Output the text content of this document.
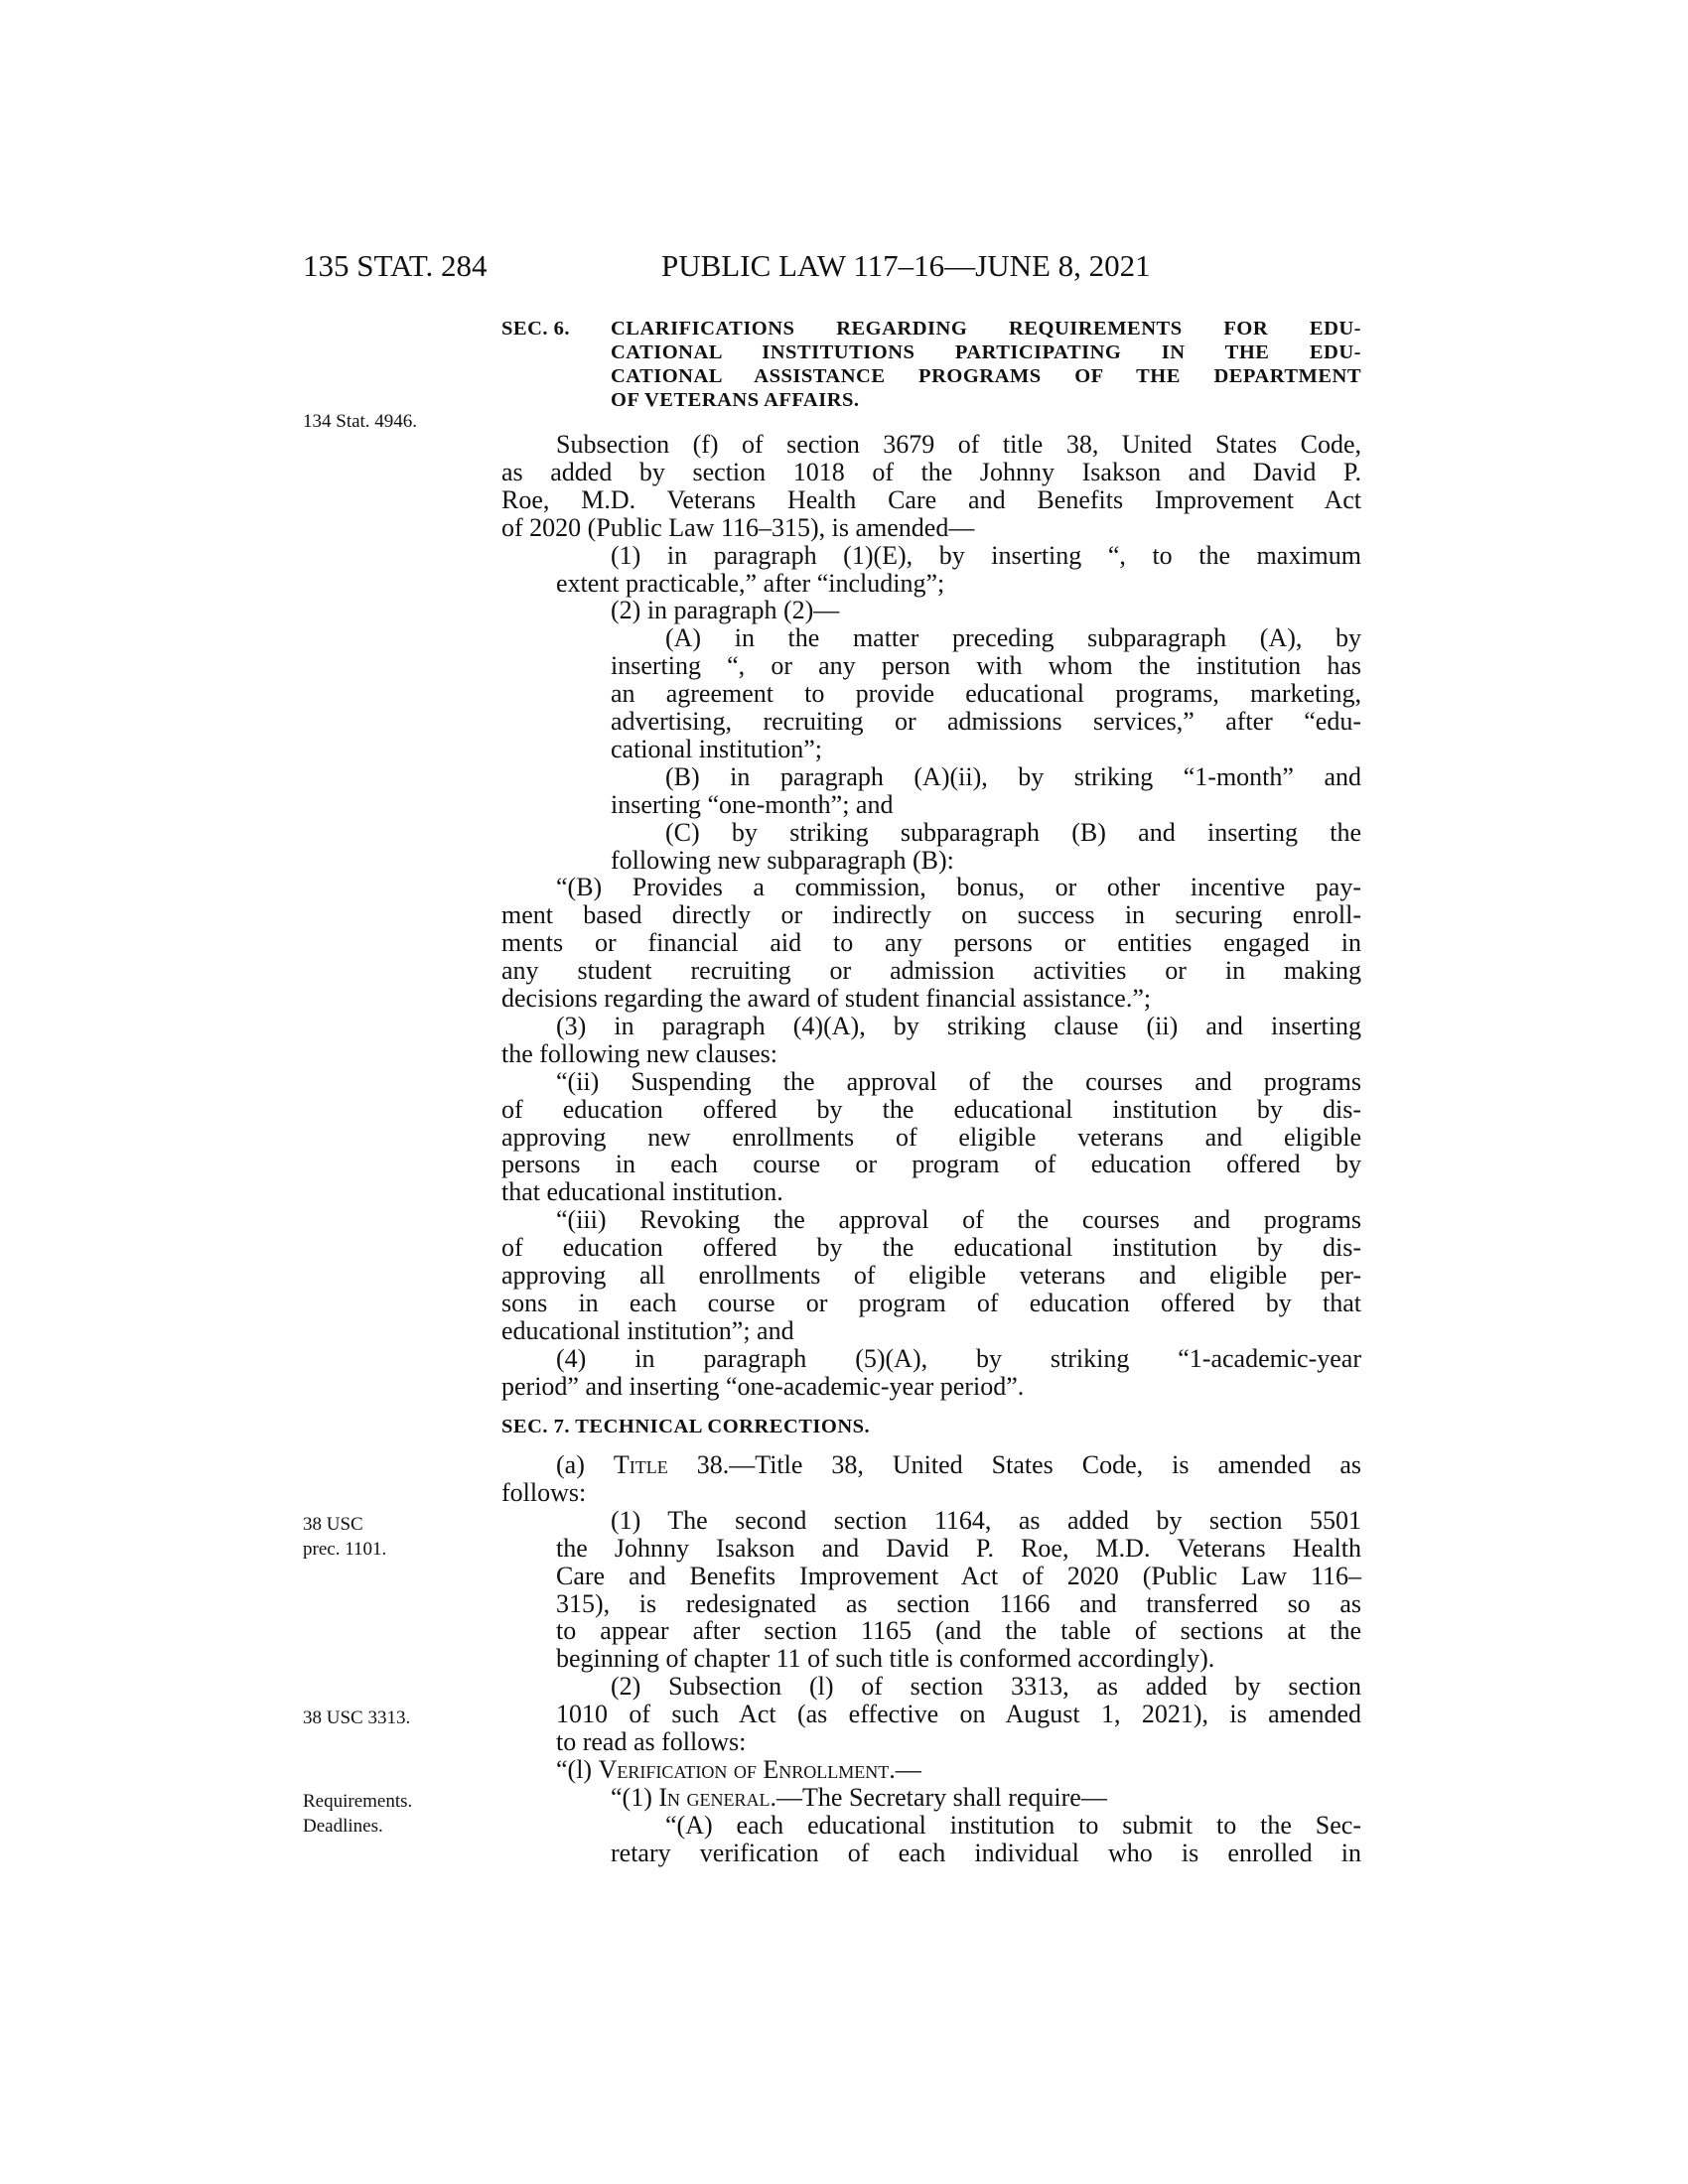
135 STAT. 284	PUBLIC LAW 117–16—JUNE 8, 2021
134 Stat. 4946.
38 USC
prec. 1101.
38 USC 3313.
Requirements.
Deadlines.
SEC. 6. CLARIFICATIONS REGARDING REQUIREMENTS FOR EDU-
CATIONAL INSTITUTIONS PARTICIPATING IN THE EDU-
CATIONAL ASSISTANCE PROGRAMS OF THE DEPARTMENT
OF VETERANS AFFAIRS.
Subsection (f) of section 3679 of title 38, United States Code,
as added by section 1018 of the Johnny Isakson and David P.
Roe, M.D. Veterans Health Care and Benefits Improvement Act
of 2020 (Public Law 116–315), is amended—
(1) in paragraph (1)(E), by inserting “, to the maximum
extent practicable,” after “including”;
(2) in paragraph (2)—
(A) in the matter preceding subparagraph (A), by
inserting “, or any person with whom the institution has
an agreement to provide educational programs, marketing,
advertising, recruiting or admissions services,” after “edu-
cational institution”;
(B) in paragraph (A)(ii), by striking “1-month” and
inserting “one-month”; and
(C) by striking subparagraph (B) and inserting the
following new subparagraph (B):
“(B) Provides a commission, bonus, or other incentive pay-
ment based directly or indirectly on success in securing enroll-
ments or financial aid to any persons or entities engaged in
any student recruiting or admission activities or in making
decisions regarding the award of student financial assistance.”;
(3) in paragraph (4)(A), by striking clause (ii) and inserting
the following new clauses:
“(ii) Suspending the approval of the courses and programs
of education offered by the educational institution by dis-
approving new enrollments of eligible veterans and eligible
persons in each course or program of education offered by
that educational institution.
“(iii) Revoking the approval of the courses and programs
of education offered by the educational institution by dis-
approving all enrollments of eligible veterans and eligible per-
sons in each course or program of education offered by that
educational institution”; and
(4) in paragraph (5)(A), by striking “1-academic-year
period” and inserting “one-academic-year period”.
SEC. 7. TECHNICAL CORRECTIONS.
(a) Title 38.—Title 38, United States Code, is amended as
follows:
(1) The second section 1164, as added by section 5501
the Johnny Isakson and David P. Roe, M.D. Veterans Health
Care and Benefits Improvement Act of 2020 (Public Law 116–
315), is redesignated as section 1166 and transferred so as
to appear after section 1165 (and the table of sections at the
beginning of chapter 11 of such title is conformed accordingly).
(2) Subsection (l) of section 3313, as added by section
1010 of such Act (as effective on August 1, 2021), is amended
to read as follows:
“(l) Verification of Enrollment.—
“(1) In general.—The Secretary shall require—
“(A) each educational institution to submit to the Sec-
retary verification of each individual who is enrolled in
